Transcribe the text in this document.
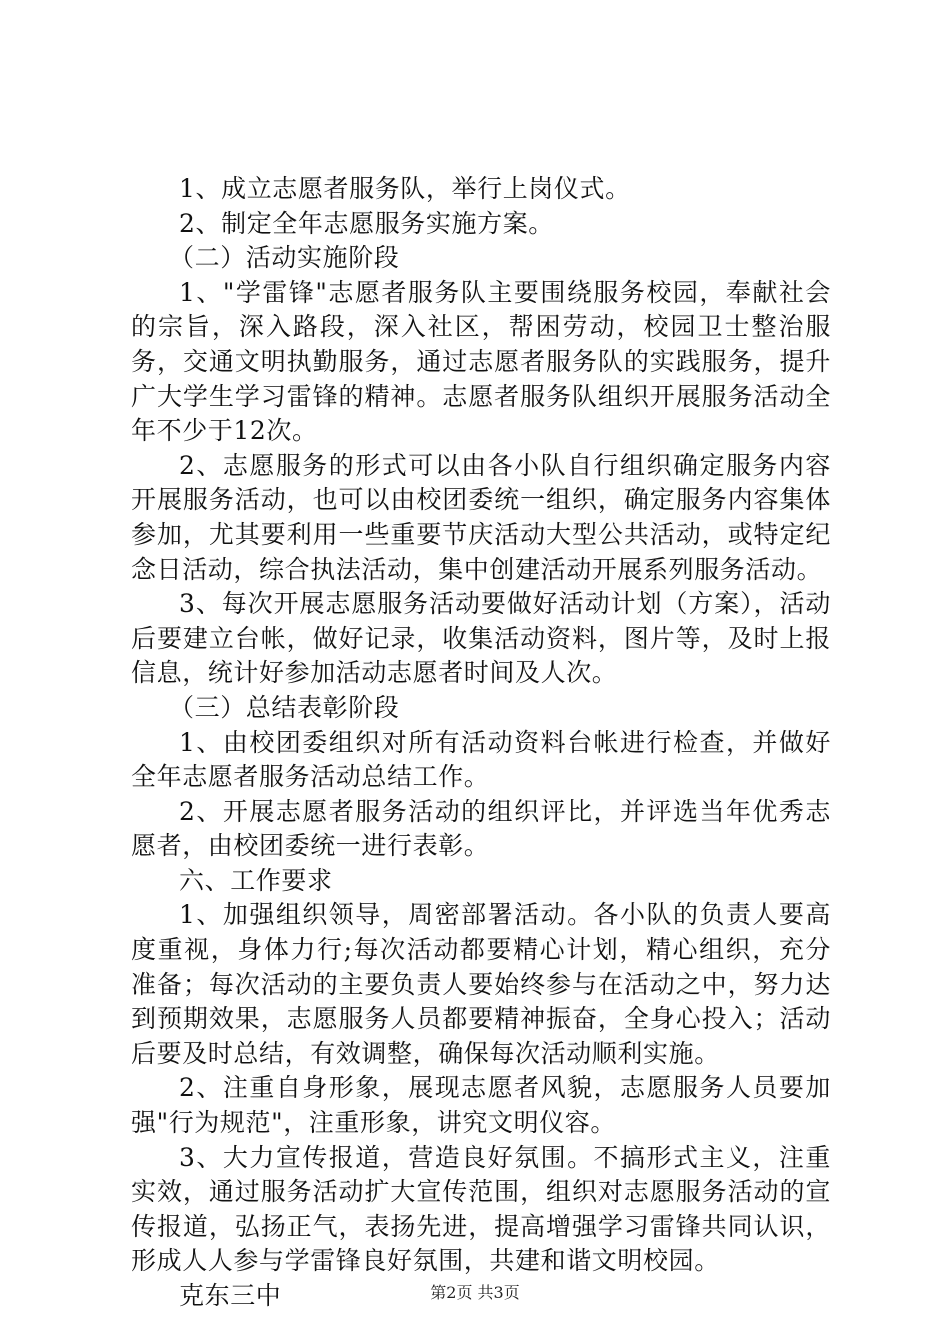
1、成立志愿者服务队，举行上岗仪式。

2、制定全年志愿服务实施方案。

（二）活动实施阶段

1、"学雷锋"志愿者服务队主要围绕服务校园，奉献社会的宗旨，深入路段，深入社区，帮困劳动，校园卫士整治服务，交通文明执勤服务，通过志愿者服务队的实践服务，提升广大学生学习雷锋的精神。志愿者服务队组织开展服务活动全年不少于12次。

2、志愿服务的形式可以由各小队自行组织确定服务内容开展服务活动，也可以由校团委统一组织，确定服务内容集体参加，尤其要利用一些重要节庆活动大型公共活动，或特定纪念日活动，综合执法活动，集中创建活动开展系列服务活动。

3、每次开展志愿服务活动要做好活动计划（方案），活动后要建立台帐，做好记录，收集活动资料，图片等，及时上报信息，统计好参加活动志愿者时间及人次。

（三）总结表彰阶段

1、由校团委组织对所有活动资料台帐进行检查，并做好全年志愿者服务活动总结工作。

2、开展志愿者服务活动的组织评比，并评选当年优秀志愿者，由校团委统一进行表彰。

六、工作要求

1、加强组织领导，周密部署活动。各小队的负责人要高度重视，身体力行;每次活动都要精心计划，精心组织，充分准备；每次活动的主要负责人要始终参与在活动之中，努力达到预期效果，志愿服务人员都要精神振奋，全身心投入；活动后要及时总结，有效调整，确保每次活动顺利实施。

2、注重自身形象，展现志愿者风貌，志愿服务人员要加强"行为规范"，注重形象，讲究文明仪容。

3、大力宣传报道，营造良好氛围。不搞形式主义，注重实效，通过服务活动扩大宣传范围，组织对志愿服务活动的宣传报道，弘扬正气，表扬先进，提高增强学习雷锋共同认识，形成人人参与学雷锋良好氛围，共建和谐文明校园。

克东三中	第2页 共3页
